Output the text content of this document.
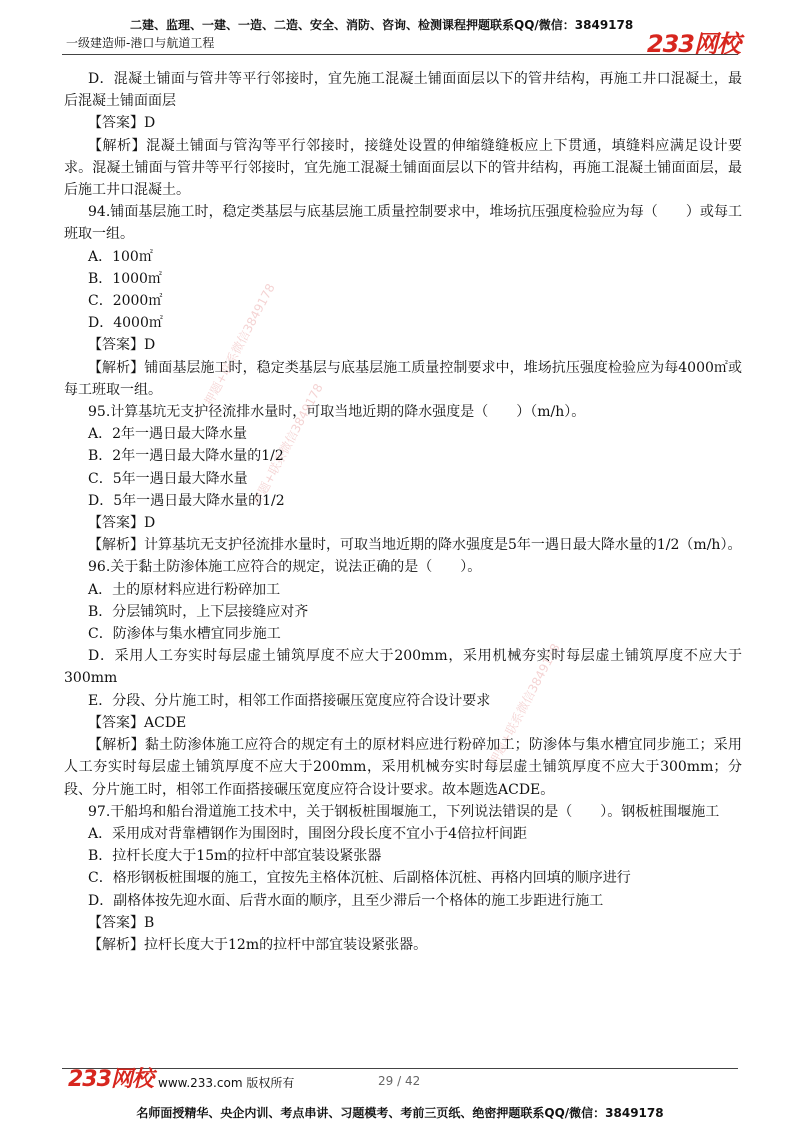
二建、监理、一建、一造、二造、安全、消防、咨询、检测课程押题联系QQ/微信：3849178
一级建造师-港口与航道工程	233网校
押题+联系微信3849178
押题+联系微信3849178
押题+联系微信3849178

D．混凝土铺面与管井等平行邻接时，宜先施工混凝土铺面面层以下的管井结构，再施工井口混凝土，最后混凝土铺面面层

【答案】D

【解析】混凝土铺面与管沟等平行邻接时，接缝处设置的伸缩缝缝板应上下贯通，填缝料应满足设计要求。混凝土铺面与管井等平行邻接时，宜先施工混凝土铺面面层以下的管井结构，再施工混凝土铺面面层，最后施工井口混凝土。

94.铺面基层施工时，稳定类基层与底基层施工质量控制要求中，堆场抗压强度检验应为每（　　）或每工班取一组。

A．100㎡

B．1000㎡

C．2000㎡

D．4000㎡

【答案】D

【解析】铺面基层施工时，稳定类基层与底基层施工质量控制要求中，堆场抗压强度检验应为每4000㎡或每工班取一组。

95.计算基坑无支护径流排水量时，可取当地近期的降水强度是（　　）（m/h）。

A．2年一遇日最大降水量

B．2年一遇日最大降水量的1/2

C．5年一遇日最大降水量

D．5年一遇日最大降水量的1/2

【答案】D

【解析】计算基坑无支护径流排水量时，可取当地近期的降水强度是5年一遇日最大降水量的1/2（m/h）。

96.关于黏土防渗体施工应符合的规定，说法正确的是（　　）。

A．土的原材料应进行粉碎加工

B．分层铺筑时，上下层接缝应对齐

C．防渗体与集水槽宜同步施工

D．采用人工夯实时每层虚土铺筑厚度不应大于200mm，采用机械夯实时每层虚土铺筑厚度不应大于300mm

E．分段、分片施工时，相邻工作面搭接碾压宽度应符合设计要求

【答案】ACDE

【解析】黏土防渗体施工应符合的规定有土的原材料应进行粉碎加工；防渗体与集水槽宜同步施工；采用人工夯实时每层虚土铺筑厚度不应大于200mm，采用机械夯实时每层虚土铺筑厚度不应大于300mm；分段、分片施工时，相邻工作面搭接碾压宽度应符合设计要求。故本题选ACDE。

97.干船坞和船台滑道施工技术中，关于钢板桩围堰施工，下列说法错误的是（　　）。钢板桩围堰施工

A．采用成对背靠槽钢作为围囹时，围囹分段长度不宜小于4倍拉杆间距

B．拉杆长度大于15m的拉杆中部宜装设紧张器

C．格形钢板桩围堰的施工，宜按先主格体沉桩、后副格体沉桩、再格内回填的顺序进行

D．副格体按先迎水面、后背水面的顺序，且至少滞后一个格体的施工步距进行施工

【答案】B

【解析】拉杆长度大于12m的拉杆中部宜装设紧张器。

233网校 www.233.com 版权所有	29 / 42
名师面授精华、央企内训、考点串讲、习题模考、考前三页纸、绝密押题联系QQ/微信：3849178
